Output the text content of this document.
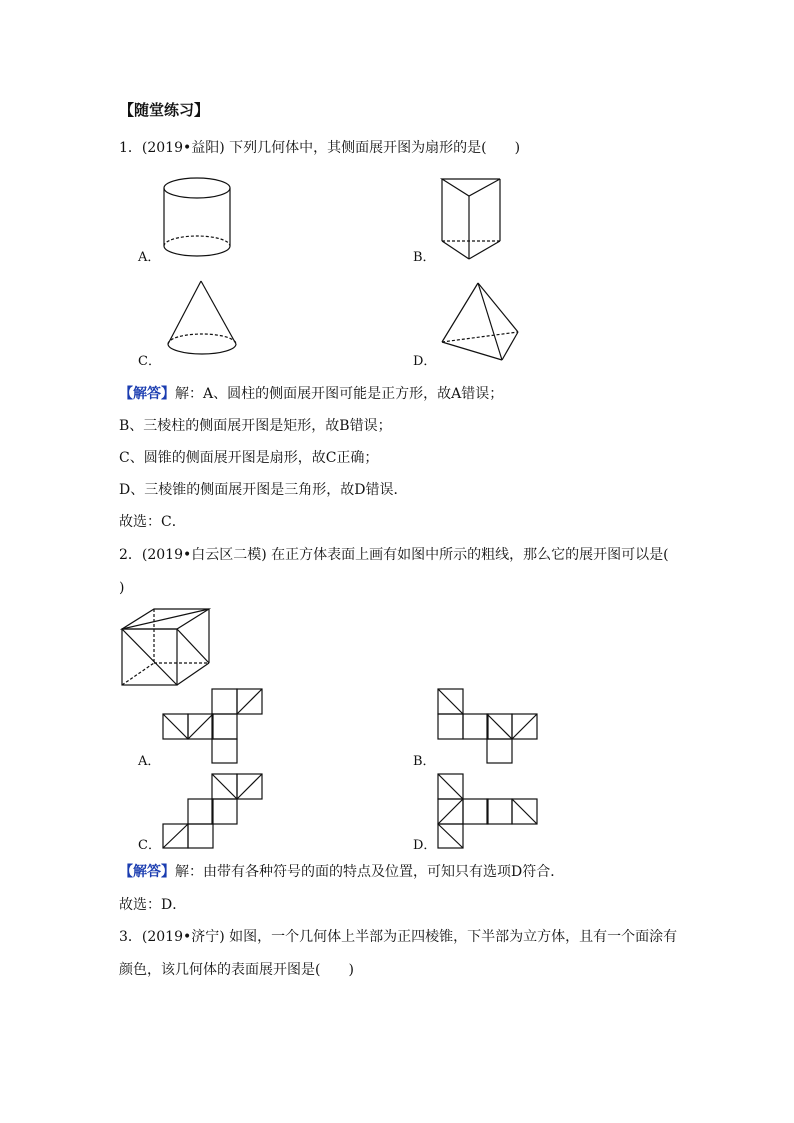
【随堂练习】
1．(2019•益阳) 下列几何体中，其侧面展开图为扇形的是(　　)
A．	B．
C．	D．
【解答】解：A、圆柱的侧面展开图可能是正方形，故A错误；
B、三棱柱的侧面展开图是矩形，故B错误；
C、圆锥的侧面展开图是扇形，故C正确；
D、三棱锥的侧面展开图是三角形，故D错误．
故选：C．
2．(2019•白云区二模) 在正方体表面上画有如图中所示的粗线，那么它的展开图可以是(
)
A．	B．
C．	D．
【解答】解：由带有各种符号的面的特点及位置，可知只有选项D符合．
故选：D．
3．(2019•济宁) 如图，一个几何体上半部为正四棱锥，下半部为立方体，且有一个面涂有
颜色，该几何体的表面展开图是(　　)
